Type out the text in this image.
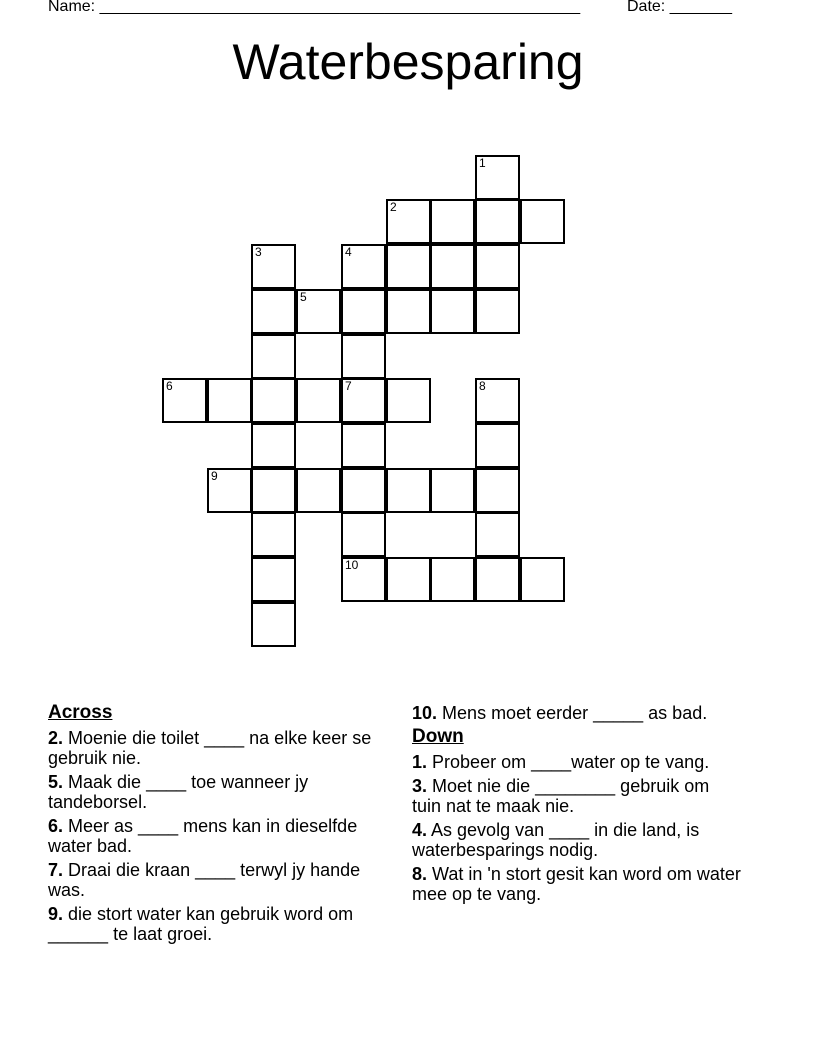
Name: ______________________________________________________	Date: _______
Waterbesparing
1
2
3	4
5
6	7	8
9
10
Across
2. Moenie die toilet ____ na elke keer se gebruik nie.
5. Maak die ____ toe wanneer jy tandeborsel.
6. Meer as ____ mens kan in dieselfde water bad.
7. Draai die kraan ____ terwyl jy hande was.
9. die stort water kan gebruik word om ______ te laat groei.
10. Mens moet eerder _____ as bad.
Down
1. Probeer om ____water op te vang.
3. Moet nie die ________ gebruik om tuin nat te maak nie.
4. As gevolg van ____ in die land, is waterbesparings nodig.
8. Wat in 'n stort gesit kan word om water mee op te vang.
